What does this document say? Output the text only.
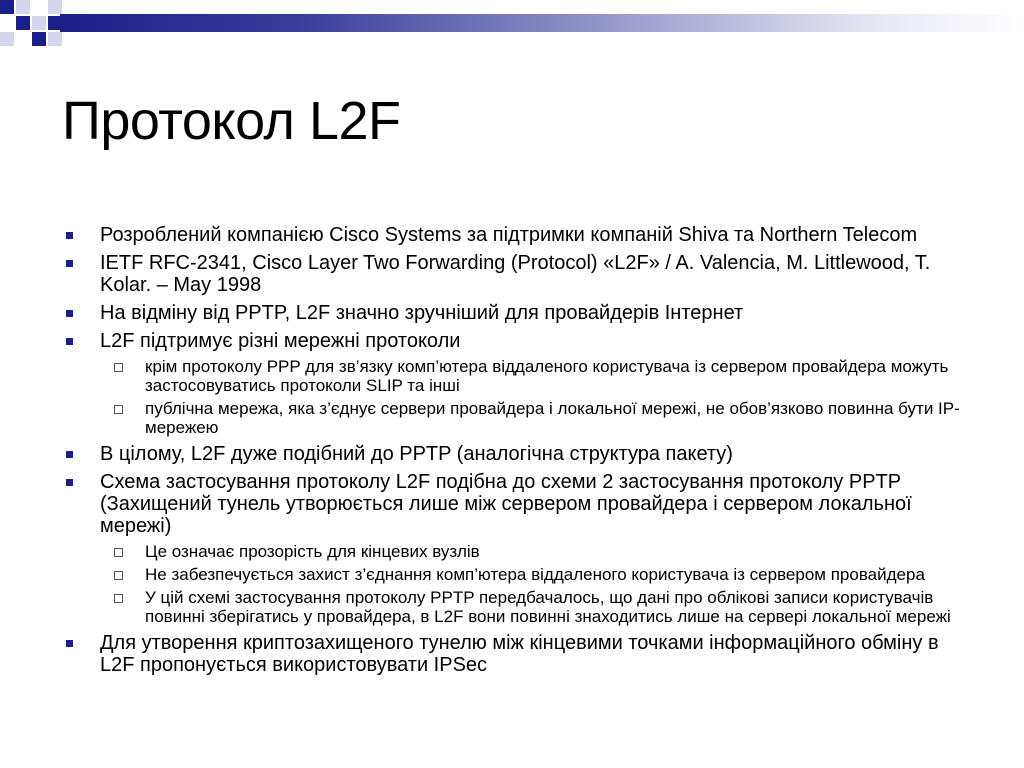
Протокол L2F
Розроблений компанією Cisco Systems за підтримки компаній Shiva та Northern Telecom
IETF RFC-2341, Cisco Layer Two Forwarding (Protocol) «L2F» / A. Valencia, M. Littlewood, T. Kolar. – May 1998
На відміну від PPTP, L2F значно зручніший для провайдерів Інтернет
L2F підтримує різні мережні протоколи
крім протоколу PPP для зв’язку комп’ютера віддаленого користувача із сервером провайдера можуть застосовуватись протоколи SLIP та інші
публічна мережа, яка з’єднує сервери провайдера і локальної мережі, не обов’язково повинна бути IP-мережею
В цілому, L2F дуже подібний до PPTP (аналогічна структура пакету)
Схема застосування протоколу L2F подібна до схеми 2 застосування протоколу PPTP (Захищений тунель утворюється лише між сервером провайдера і сервером локальної мережі)
Це означає прозорість для кінцевих вузлів
Не забезпечується захист з’єднання комп’ютера віддаленого користувача із сервером провайдера
У цій схемі застосування протоколу PPTP передбачалось, що дані про облікові записи користувачів повинні зберігатись у провайдера, в L2F вони повинні знаходитись лише на сервері локальної мережі
Для утворення криптозахищеного тунелю між кінцевими точками інформаційного обміну в L2F пропонується використовувати IPSec
